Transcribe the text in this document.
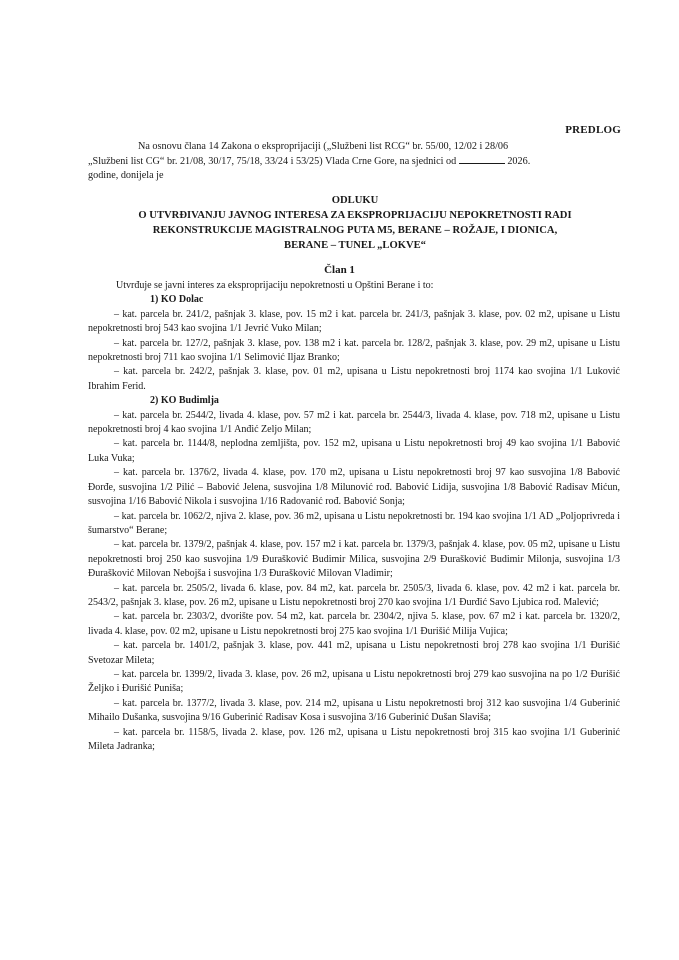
PREDLOG
Na osnovu člana 14 Zakona o eksproprijaciji („Službeni list RCG“ br. 55/00, 12/02 i 28/06
„Službeni list CG“ br. 21/08, 30/17, 75/18, 33/24 i 53/25) Vlada Crne Gore, na sjednici od	2026.
godine, donijela je
ODLUKU
O UTVRĐIVANJU JAVNOG INTERESA ZA EKSPROPRIJACIJU NEPOKRETNOSTI RADI
REKONSTRUKCIJE MAGISTRALNOG PUTA M5, BERANE – ROŽAJE, I DIONICA,
BERANE – TUNEL „LOKVE“
Član 1

Utvrđuje se javni interes za eksproprijaciju nepokretnosti u Opštini Berane i to:

1) KO Dolac

– kat. parcela br. 241/2, pašnjak 3. klase, pov. 15 m2 i kat. parcela br. 241/3, pašnjak 3. klase, pov. 02 m2, upisane u Listu nepokretnosti broj 543 kao svojina 1/1 Jevrić Vuko Milan;

– kat. parcela br. 127/2, pašnjak 3. klase, pov. 138 m2 i kat. parcela br. 128/2, pašnjak 3. klase, pov. 29 m2, upisane u Listu nepokretnosti broj 711 kao svojina 1/1 Selimović Iljaz Branko;

– kat. parcela br. 242/2, pašnjak 3. klase, pov. 01 m2, upisana u Listu nepokretnosti broj 1174 kao svojina 1/1 Luković Ibrahim Ferid.

2) KO Budimlja

– kat. parcela br. 2544/2, livada 4. klase, pov. 57 m2 i kat. parcela br. 2544/3, livada 4. klase, pov. 718 m2, upisane u Listu nepokretnosti broj 4 kao svojina 1/1 Anđić Zeljo Milan;

– kat. parcela br. 1144/8, neplodna zemljišta, pov. 152 m2, upisana u Listu nepokretnosti broj 49 kao svojina 1/1 Babović Luka Vuka;

– kat. parcela br. 1376/2, livada 4. klase, pov. 170 m2, upisana u Listu nepokretnosti broj 97 kao susvojina 1/8 Babović Đorđe, susvojina 1/2 Pilić – Babović Jelena, susvojina 1/8 Milunović rođ. Babović Lidija, susvojina 1/8 Babović Radisav Mićun, susvojina 1/16 Babović Nikola i susvojina 1/16 Radovanić rođ. Babović Sonja;

– kat. parcela br. 1062/2, njiva 2. klase, pov. 36 m2, upisana u Listu nepokretnosti br. 194 kao svojina 1/1 AD „Poljoprivreda i šumarstvo“ Berane;

– kat. parcela br. 1379/2, pašnjak 4. klase, pov. 157 m2 i kat. parcela br. 1379/3, pašnjak 4. klase, pov. 05 m2, upisane u Listu nepokretnosti broj 250 kao susvojina 1/9 Đurašković Budimir Milica, susvojina 2/9 Đurašković Budimir Milonja, susvojina 1/3 Đurašković Milovan Nebojša i susvojina 1/3 Đurašković Milovan Vladimir;

– kat. parcela br. 2505/2, livada 6. klase, pov. 84 m2, kat. parcela br. 2505/3, livada 6. klase, pov. 42 m2 i kat. parcela br. 2543/2, pašnjak 3. klase, pov. 26 m2, upisane u Listu nepokretnosti broj 270 kao svojina 1/1 Đurđić Savo Ljubica rođ. Malević;

– kat. parcela br. 2303/2, dvorište pov. 54 m2, kat. parcela br. 2304/2, njiva 5. klase, pov. 67 m2 i kat. parcela br. 1320/2, livada 4. klase, pov. 02 m2, upisane u Listu nepokretnosti broj 275 kao svojina 1/1 Đurišić Milija Vujica;

– kat. parcela br. 1401/2, pašnjak 3. klase, pov. 441 m2, upisana u Listu nepokretnosti broj 278 kao svojina 1/1 Đurišić Svetozar Mileta;

– kat. parcela br. 1399/2, livada 3. klase, pov. 26 m2, upisana u Listu nepokretnosti broj 279 kao susvojina na po 1/2 Đurišić Željko i Đurišić Puniša;

– kat. parcela br. 1377/2, livada 3. klase, pov. 214 m2, upisana u Listu nepokretnosti broj 312 kao susvojina 1/4 Guberinić Mihailo Dušanka, susvojina 9/16 Guberinić Radisav Kosa i susvojina 3/16 Guberinić Dušan Slaviša;

– kat. parcela br. 1158/5, livada 2. klase, pov. 126 m2, upisana u Listu nepokretnosti broj 315 kao svojina 1/1 Guberinić Mileta Jadranka;
